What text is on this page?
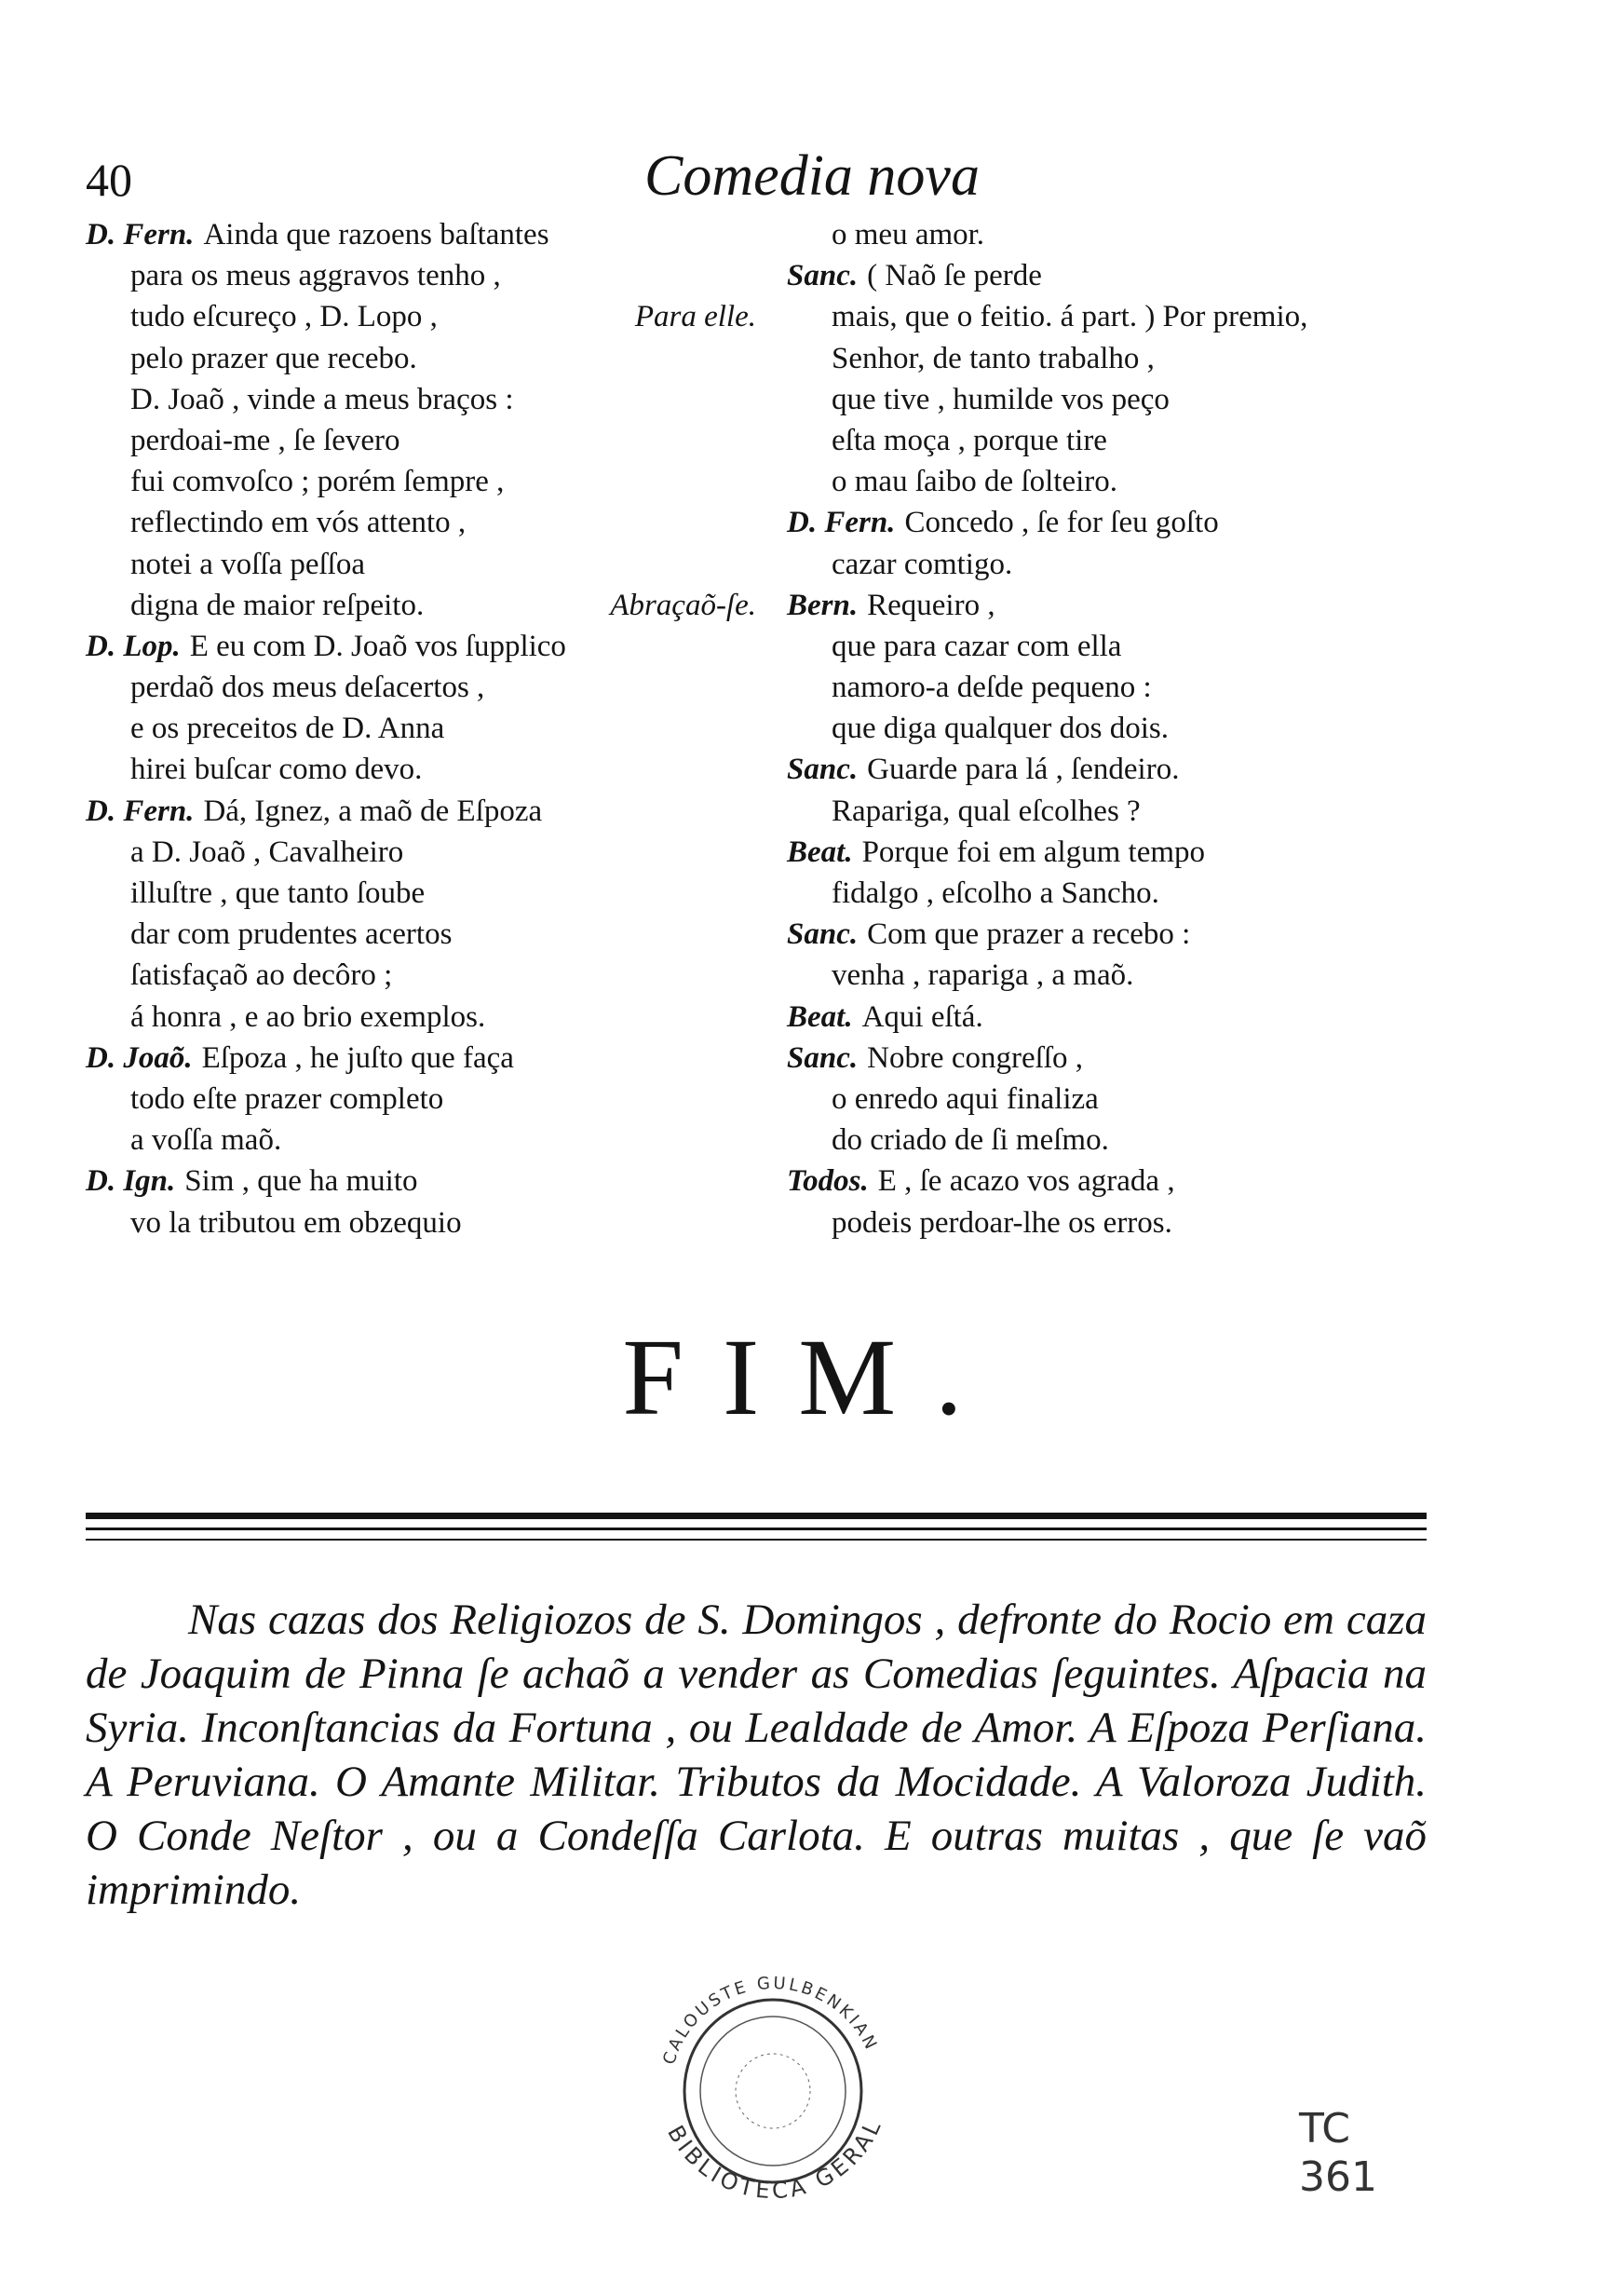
40	Comedia nova
D. Fern. Ainda que razoens baſtantes
para os meus aggravos tenho ,
tudo eſcureço , D. Lopo ,	Para elle.
pelo prazer que recebo.
D. Joaõ , vinde a meus braços :
perdoai-me , ſe ſevero
fui comvoſco ; porém ſempre ,
reflectindo em vós attento ,
notei a voſſa peſſoa
digna de maior reſpeito.	Abraçaõ-ſe.
D. Lop. E eu com D. Joaõ vos ſupplico
perdaõ dos meus deſacertos ,
e os preceitos de D. Anna
hirei buſcar como devo.
D. Fern. Dá, Ignez, a maõ de Eſpoza
a D. Joaõ , Cavalheiro
illuſtre , que tanto ſoube
dar com prudentes acertos
ſatisfaçaõ ao decôro ;
á honra , e ao brio exemplos.
D. Joaõ. Eſpoza , he juſto que faça
todo eſte prazer completo
a voſſa maõ.
D. Ign. Sim , que ha muito
vo la tributou em obzequio
o meu amor.
Sanc. ( Naõ ſe perde
mais, que o feitio. á part. ) Por premio,
Senhor, de tanto trabalho ,
que tive , humilde vos peço
eſta moça , porque tire
o mau ſaibo de ſolteiro.
D. Fern. Concedo , ſe for ſeu goſto
cazar comtigo.
Bern. Requeiro ,
que para cazar com ella
namoro-a deſde pequeno :
que diga qualquer dos dois.
Sanc. Guarde para lá , ſendeiro.
Rapariga, qual eſcolhes ?
Beat. Porque foi em algum tempo
fidalgo , eſcolho a Sancho.
Sanc. Com que prazer a recebo :
venha , rapariga , a maõ.
Beat. Aqui eſtá.
Sanc. Nobre congreſſo ,
o enredo aqui finaliza
do criado de ſi meſmo.
Todos. E , ſe acazo vos agrada ,
podeis perdoar-lhe os erros.
FIM.
Nas cazas dos Religiozos de S. Domingos , defronte do Rocio em caza de Joaquim de Pinna ſe achaõ a vender as Comedias ſeguintes. Aſpacia na Syria. Inconſtancias da Fortuna , ou Lealdade de Amor. A Eſpoza Perſiana. A Peruviana. O Amante Militar. Tributos da Mocidade. A Valoroza Judith. O Conde Neſtor , ou a Condeſſa Carlota. E outras muitas , que ſe vaõ imprimindo.
CALOUSTE GULBENKIAN
BIBLIOTECA GERAL	TC
361
